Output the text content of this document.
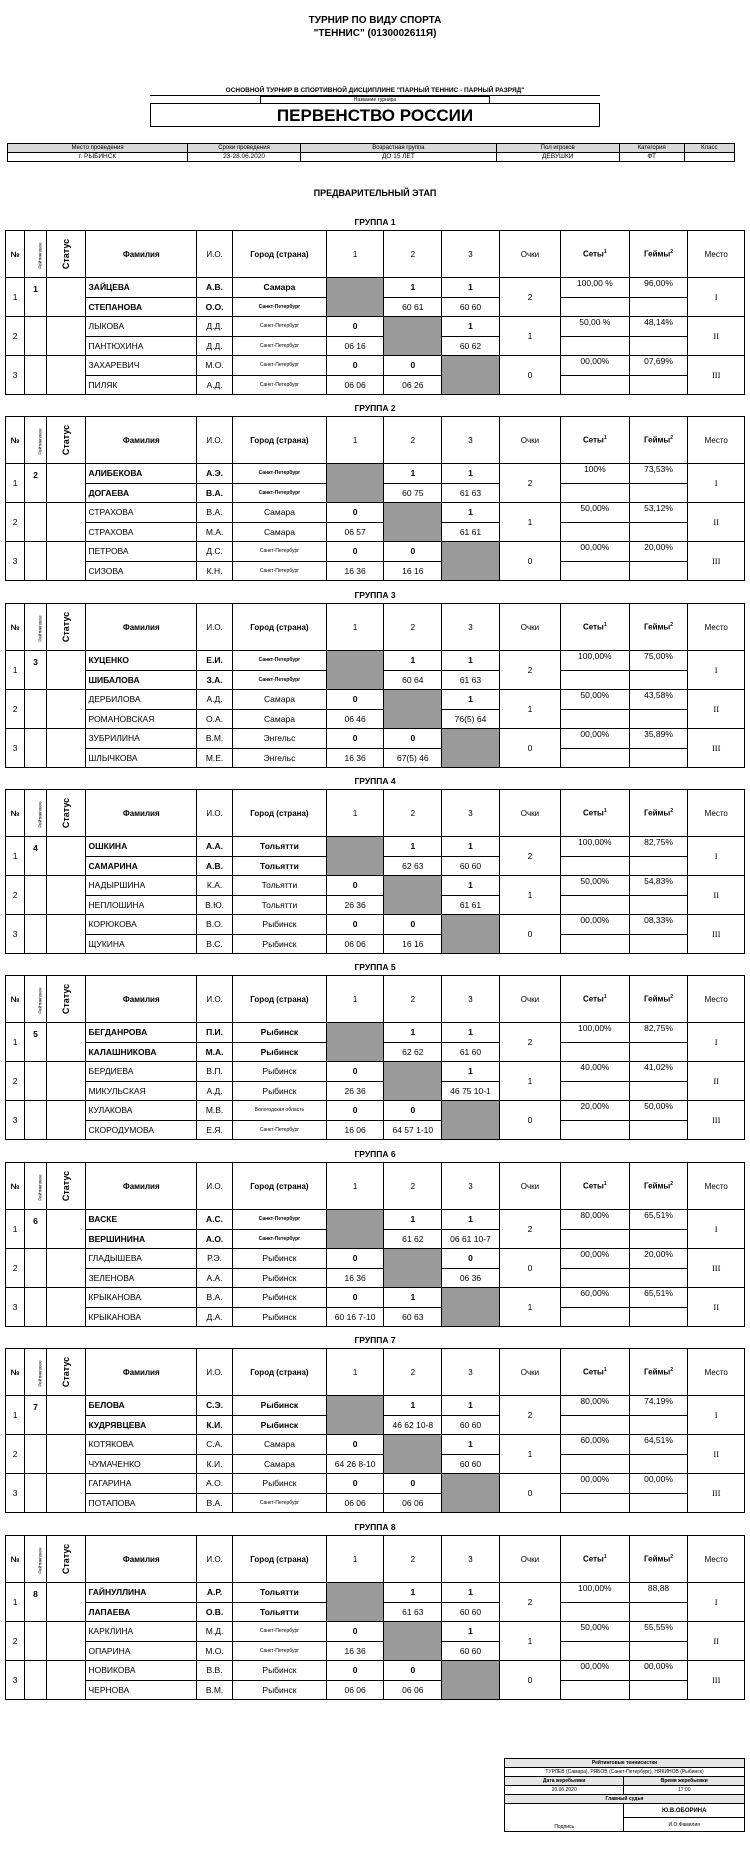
ТУРНИР ПО ВИДУ СПОРТА
"ТЕННИС" (0130002611Я)
ОСНОВНОЙ ТУРНИР В СПОРТИВНОЙ ДИСЦИПЛИНЕ "ПАРНЫЙ ТЕННИС - ПАРНЫЙ РАЗРЯД"
Название турнира
ПЕРВЕНСТВО РОССИИ
Место проведения	Сроки проведения	Возрастная группа	Пол игроков	Категория	Класс
г. РЫБИНСК	23-28.06.2020	ДО 15 ЛЕТ	ДЕВУШКИ	ФТ	
ПРЕДВАРИТЕЛЬНЫЙ ЭТАП
ГРУППА 1
№	Рейтинговое	Статус	Фамилия	И.О.	Город (страна)	1	2	3	Очки	Сеты$^1$	Геймы$^2$	Место
1	1		ЗАЙЦЕВА	А.В.	Самара		1	1	2	100,00 %	96,00%	I
			СТЕПАНОВА	О.О.	Санкт-Петербург		60 61	60 60				
2			ЛЫКОВА	Д.Д.	Санкт-Петербург	0		1	1	50,00 %	48,14%	II
			ПАНТЮХИНА	Д.Д.	Санкт-Петербург	06 16		60 62				
3			ЗАХАРЕВИЧ	М.О.	Санкт-Петербург	0	0		0	00,00%	07,69%	III
			ПИЛЯК	А.Д.	Санкт-Петербург	06 06	06 26					
ГРУППА 2
№	Рейтинговое	Статус	Фамилия	И.О.	Город (страна)	1	2	3	Очки	Сеты$^1$	Геймы$^2$	Место
1	2		АЛИБЕКОВА	А.Э.	Санкт-Петербург		1	1	2	100%	73,53%	I
			ДОГАЕВА	В.А.	Санкт-Петербург		60 75	61 63				
2			СТРАХОВА	В.А.	Самара	0		1	1	50,00%	53,12%	II
			СТРАХОВА	М.А.	Самара	06 57		61 61				
3			ПЕТРОВА	Д.С.	Санкт-Петербург	0	0		0	00,00%	20,00%	III
			СИЗОВА	К.Н.	Санкт-Петербург	16 36	16 16					
ГРУППА 3
№	Рейтинговое	Статус	Фамилия	И.О.	Город (страна)	1	2	3	Очки	Сеты$^1$	Геймы$^2$	Место
1	3		КУЦЕНКО	Е.И.	Санкт-Петербург		1	1	2	100,00%	75,00%	I
			ШИБАЛОВА	З.А.	Санкт-Петербург		60 64	61 63				
2			ДЕРБИЛОВА	А.Д.	Самара	0		1	1	50,00%	43,58%	II
			РОМАНОВСКАЯ	О.А.	Самара	06 46		76(5) 64				
3			ЗУБРИЛИНА	В.М.	Энгельс	0	0		0	00,00%	35,89%	III
			ШЛЫЧКОВА	М.Е.	Энгельс	16 36	67(5) 46					
ГРУППА 4
№	Рейтинговое	Статус	Фамилия	И.О.	Город (страна)	1	2	3	Очки	Сеты$^1$	Геймы$^2$	Место
1	4		ОШКИНА	А.А.	Тольятти		1	1	2	100,00%	82,75%	I
			САМАРИНА	А.В.	Тольятти		62 63	60 60				
2			НАДЫРШИНА	К.А.	Тольятти	0		1	1	50,00%	54,83%	II
			НЕПЛОШИНА	В.Ю.	Тольятти	26 36		61 61				
3			КОРЮКОВА	В.О.	Рыбинск	0	0		0	00,00%	08,33%	III
			ЩУКИНА	В.С.	Рыбинск	06 06	16 16					
ГРУППА 5
№	Рейтинговое	Статус	Фамилия	И.О.	Город (страна)	1	2	3	Очки	Сеты$^1$	Геймы$^2$	Место
1	5		БЕГДАНРОВА	П.И.	Рыбинск		1	1	2	100,00%	82,75%	I
			КАЛАШНИКОВА	М.А.	Рыбинск		62 62	61 60				
2			БЕРДИЕВА	В.П.	Рыбинск	0		1	1	40,00%	41,02%	II
			МИКУЛЬСКАЯ	А.Д.	Рыбинск	26 36		46 75 10-1				
3			КУЛАКОВА	М.В.	Вологодская область	0	0		0	20,00%	50,00%	III
			СКОРОДУМОВА	Е.Я.	Санкт-Петербург	16 06	64 57 1-10					
ГРУППА 6
№	Рейтинговое	Статус	Фамилия	И.О.	Город (страна)	1	2	3	Очки	Сеты$^1$	Геймы$^2$	Место
1	6		ВАСКЕ	А.С.	Санкт-Петербург		1	1	2	80,00%	65,51%	I
			ВЕРШИНИНА	А.О.	Санкт-Петербург		61 62	06 61 10-7				
2			ГЛАДЫШЕВА	Р.Э.	Рыбинск	0		0	0	00,00%	20,00%	III
			ЗЕЛЕНОВА	А.А.	Рыбинск	16 36		06 36				
3			КРЫКАНОВА	В.А.	Рыбинск	0	1		1	60,00%	65,51%	II
			КРЫКАНОВА	Д.А.	Рыбинск	60 16 7-10	60 63					
ГРУППА 7
№	Рейтинговое	Статус	Фамилия	И.О.	Город (страна)	1	2	3	Очки	Сеты$^1$	Геймы$^2$	Место
1	7		БЕЛОВА	С.Э.	Рыбинск		1	1	2	80,00%	74,19%	I
			КУДРЯВЦЕВА	К.И.	Рыбинск		46 62 10-8	60 60				
2			КОТЯКОВА	С.А.	Самара	0		1	1	60,00%	64,51%	II
			ЧУМАЧЕНКО	К.И.	Самара	64 26 8-10		60 60				
3			ГАГАРИНА	А.О.	Рыбинск	0	0		0	00,00%	00,00%	III
			ПОТАПОВА	В.А.	Санкт-Петербург	06 06	06 06					
ГРУППА 8
№	Рейтинговое	Статус	Фамилия	И.О.	Город (страна)	1	2	3	Очки	Сеты$^1$	Геймы$^2$	Место
1	8		ГАЙНУЛЛИНА	А.Р.	Тольятти		1	1	2	100,00%	88,88	I
			ЛАПАЕВА	О.В.	Тольятти		61 63	60 60				
2			КАРКЛИНА	М.Д.	Санкт-Петербург	0		1	1	50,00%	55,55%	II
			ОПАРИНА	М.О.	Санкт-Петербург	16 36		60 60				
3			НОВИКОВА	В.В.	Рыбинск	0	0		0	00,00%	00,00%	III
			ЧЕРНОВА	В.М.	Рыбинск	06 06	06 06					
Рейтинговые теннисистки	
ТУРЛЕВ (Самара), РЯБОВ (Санкт-Петербург), НЯКИНОВ (Рыбинск)	
Дата жеребьевки	Время жеребьевки
20.06.2020	17:00
Главный судья	
Подпись	Ю.В.ОБОРИНА
	И.О.Фамилия
